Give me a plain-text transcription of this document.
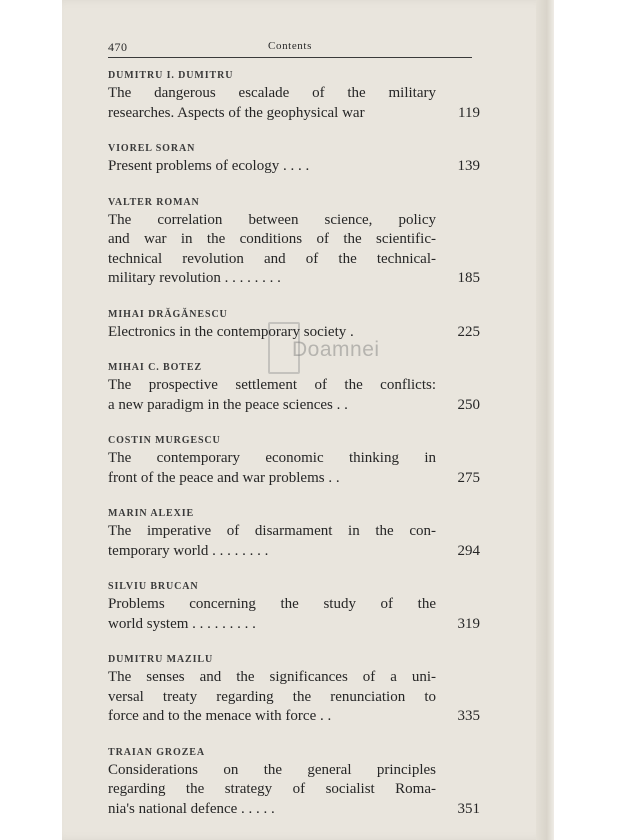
470	Contents
Doamnei
DUMITRU I. DUMITRU
The dangerous escalade of the military
researches. Aspects of the geophysical war	119
VIOREL SORAN
Present problems of ecology . . . .	139
VALTER ROMAN
The correlation between science, policy
and war in the conditions of the scientific-
technical revolution and of the technical-
military revolution . . . . . . . .	185
MIHAI DRĂGĂNESCU
Electronics in the contemporary society .	225
MIHAI C. BOTEZ
The prospective settlement of the conflicts:
a new paradigm in the peace sciences . .	250
COSTIN MURGESCU
The contemporary economic thinking in
front of the peace and war problems . .	275
MARIN ALEXIE
The imperative of disarmament in the con-
temporary world . . . . . . . .	294
SILVIU BRUCAN
Problems concerning the study of the
world system . . . . . . . . .	319
DUMITRU MAZILU
The senses and the significances of a uni-
versal treaty regarding the renunciation to
force and to the menace with force . .	335
TRAIAN GROZEA
Considerations on the general principles
regarding the strategy of socialist Roma-
nia's national defence . . . . .	351
